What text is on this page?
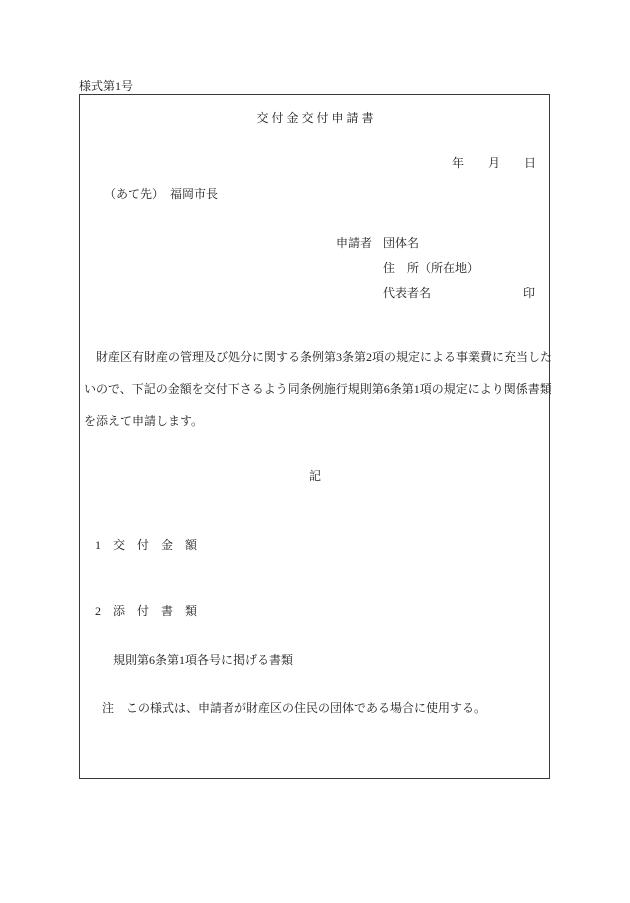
様式第1号
交 付 金 交 付 申 請 書
年　　月　　日
（あて先）　福岡市長
申請者 団体名
住　所（所在地）
代表者名	印
財産区有財産の管理及び処分に関する条例第3条第2項の規定による事業費に充当した
いので、下記の金額を交付下さるよう同条例施行規則第6条第1項の規定により関係書類
を添えて申請します。
記
1　交　付　金　額
2　添　付　書　類
規則第6条第1項各号に掲げる書類
注　この様式は、申請者が財産区の住民の団体である場合に使用する。
